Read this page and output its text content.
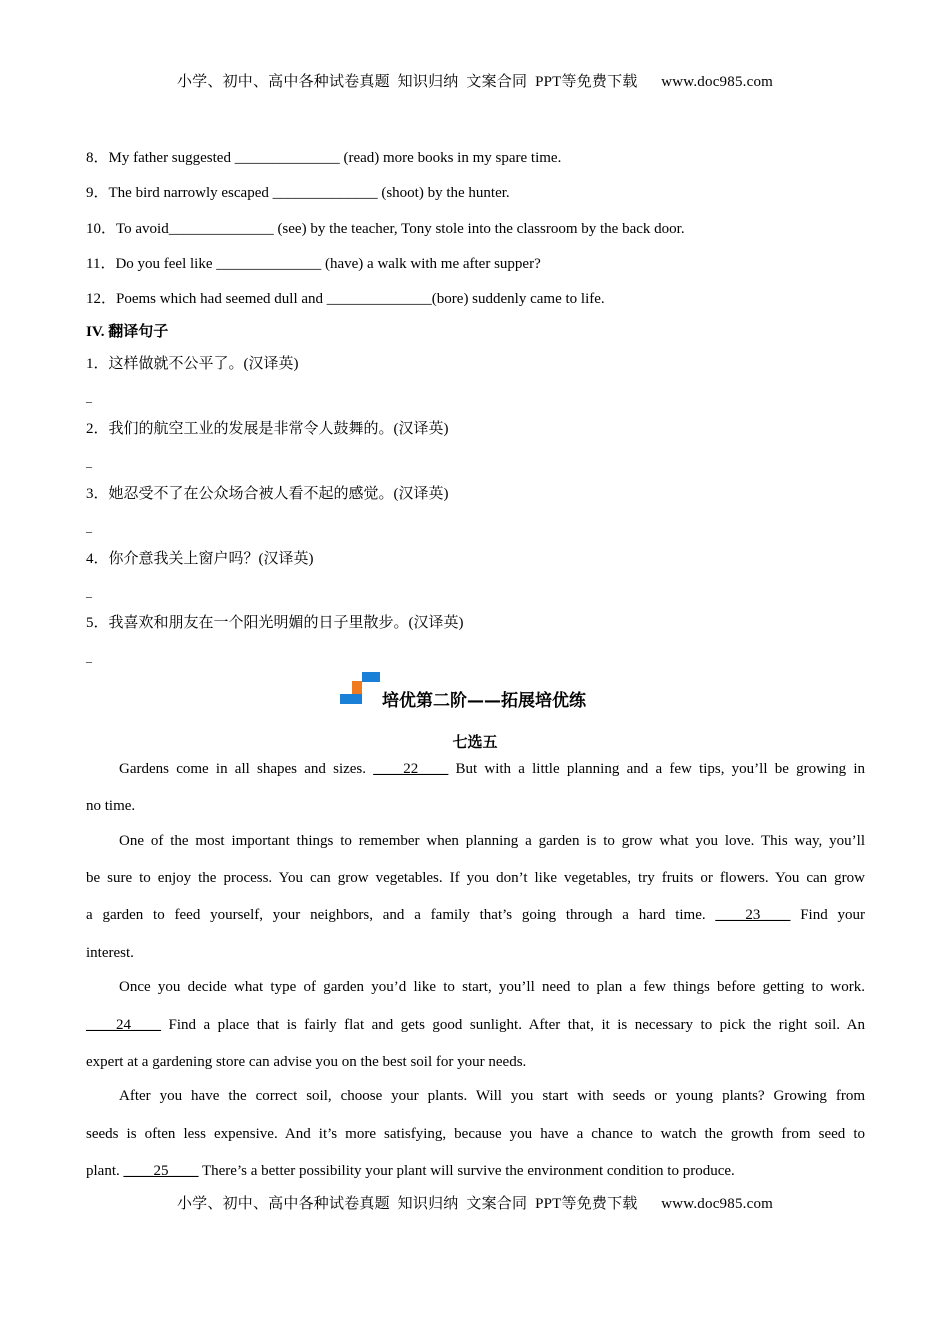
小学、初中、高中各种试卷真题  知识归纳  文案合同  PPT等免费下载      www.doc985.com
8．My father suggested ______________ (read) more books in my spare time.
9．The bird narrowly escaped ______________ (shoot) by the hunter.
10．To avoid______________ (see) by the teacher, Tony stole into the classroom by the back door.
11．Do you feel like ______________ (have) a walk with me after supper?
12．Poems which had seemed dull and ______________(bore) suddenly came to life.
IV. 翻译句子
1．这样做就不公平了。(汉译英)
_
2．我们的航空工业的发展是非常令人鼓舞的。(汉译英)
_
3．她忍受不了在公众场合被人看不起的感觉。(汉译英)
_
4．你介意我关上窗户吗？(汉译英)
_
5．我喜欢和朋友在一个阳光明媚的日子里散步。(汉译英)
_
培优第二阶——拓展培优练
七选五
Gardens come in all shapes and sizes. ____22____ But with a little planning and a few tips, you’ll be growing in
no time.
One of the most important things to remember when planning a garden is to grow what you love. This way, you’ll
be sure to enjoy the process. You can grow vegetables. If you don’t like vegetables, try fruits or flowers. You can grow
a garden to feed yourself, your neighbors, and a family that’s going through a hard time. ____23____ Find your
interest.
Once you decide what type of garden you’d like to start, you’ll need to plan a few things before getting to work.
____24____ Find a place that is fairly flat and gets good sunlight. After that, it is necessary to pick the right soil. An
expert at a gardening store can advise you on the best soil for your needs.
After you have the correct soil, choose your plants. Will you start with seeds or young plants? Growing from
seeds is often less expensive. And it’s more satisfying, because you have a chance to watch the growth from seed to
plant. ____25____ There’s a better possibility your plant will survive the environment condition to produce.
小学、初中、高中各种试卷真题  知识归纳  文案合同  PPT等免费下载      www.doc985.com
